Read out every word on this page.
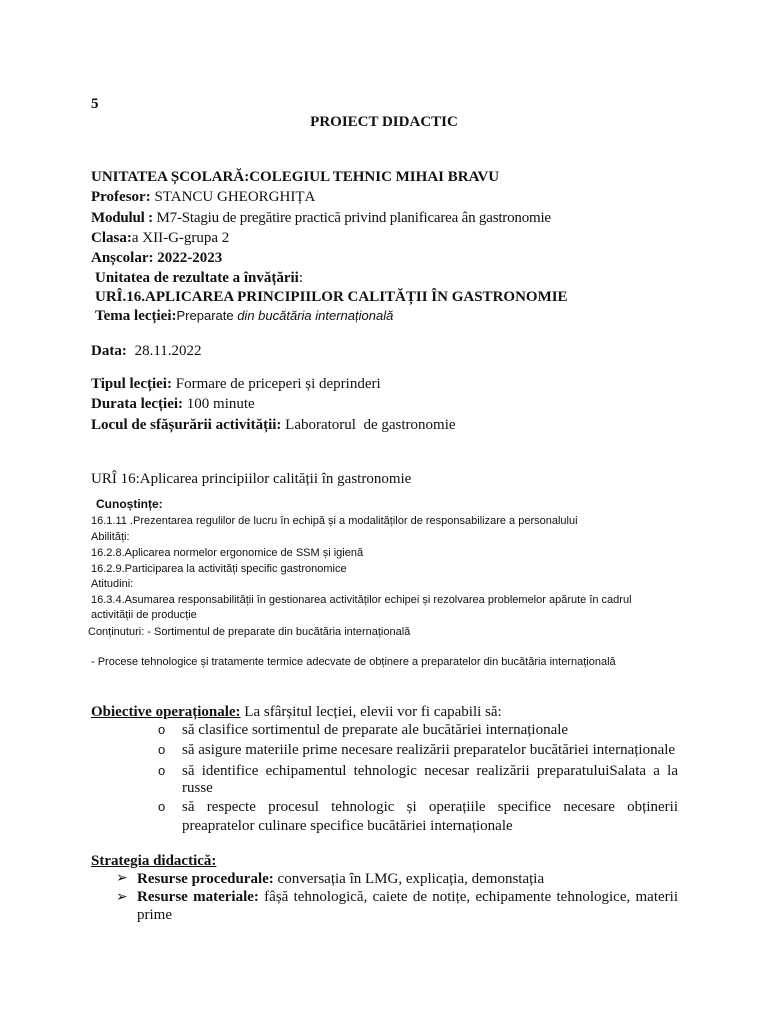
5
PROIECT DIDACTIC
UNITATEA ȘCOLARĂ:COLEGIUL TEHNIC MIHAI BRAVU
Profesor: STANCU GHEORGHIȚA
Modulul : M7-Stagiu de pregătire practică privind planificarea ân gastronomie
Clasa:a XII-G-grupa 2
Anșcolar: 2022-2023
Unitatea de rezultate a învățării:
URÎ.16.APLICAREA PRINCIPIILOR CALITĂȚII ÎN GASTRONOMIE
Tema lecției:Preparate din bucătăria internațională
Data: 28.11.2022
Tipul lecției: Formare de priceperi și deprinderi
Durata lecției: 100 minute
Locul de sfășurării activității: Laboratorul  de gastronomie
URÎ 16:Aplicarea principiilor calității în gastronomie
Cunoștințe:
16.1.11 .Prezentarea regulilor de lucru în echipă și a modalităților de responsabilizare a personalului
Abilități:
16.2.8.Aplicarea normelor ergonomice de SSM și igienă
16.2.9.Participarea la activități specific gastronomice
Atitudini:
16.3.4.Asumarea responsabilității în gestionarea activităților echipei și rezolvarea problemelor apărute în cadrul
activității de producție
Conținuturi: - Sortimentul de preparate din bucătăria internațională
- Procese tehnologice și tratamente termice adecvate de obținere a preparatelor din bucătăria internațională
Obiective operaționale: La sfârșitul lecției, elevii vor fi capabili să:
o să clasifice sortimentul de preparate ale bucătăriei internaționale
o să asigure materiile prime necesare realizării preparatelor bucătăriei internaționale
o să identifice echipamentul tehnologic necesar realizării preparatuluiSalata a la
russe
o să respecte procesul tehnologic și operațiile specifice necesare obținerii
preapratelor culinare specifice bucătăriei internaționale
Strategia didactică:
➢ Resurse procedurale: conversația în LMG, explicația, demonstația
➢ Resurse materiale: fâșă tehnologică, caiete de notițe, echipamente tehnologice, materii
prime
